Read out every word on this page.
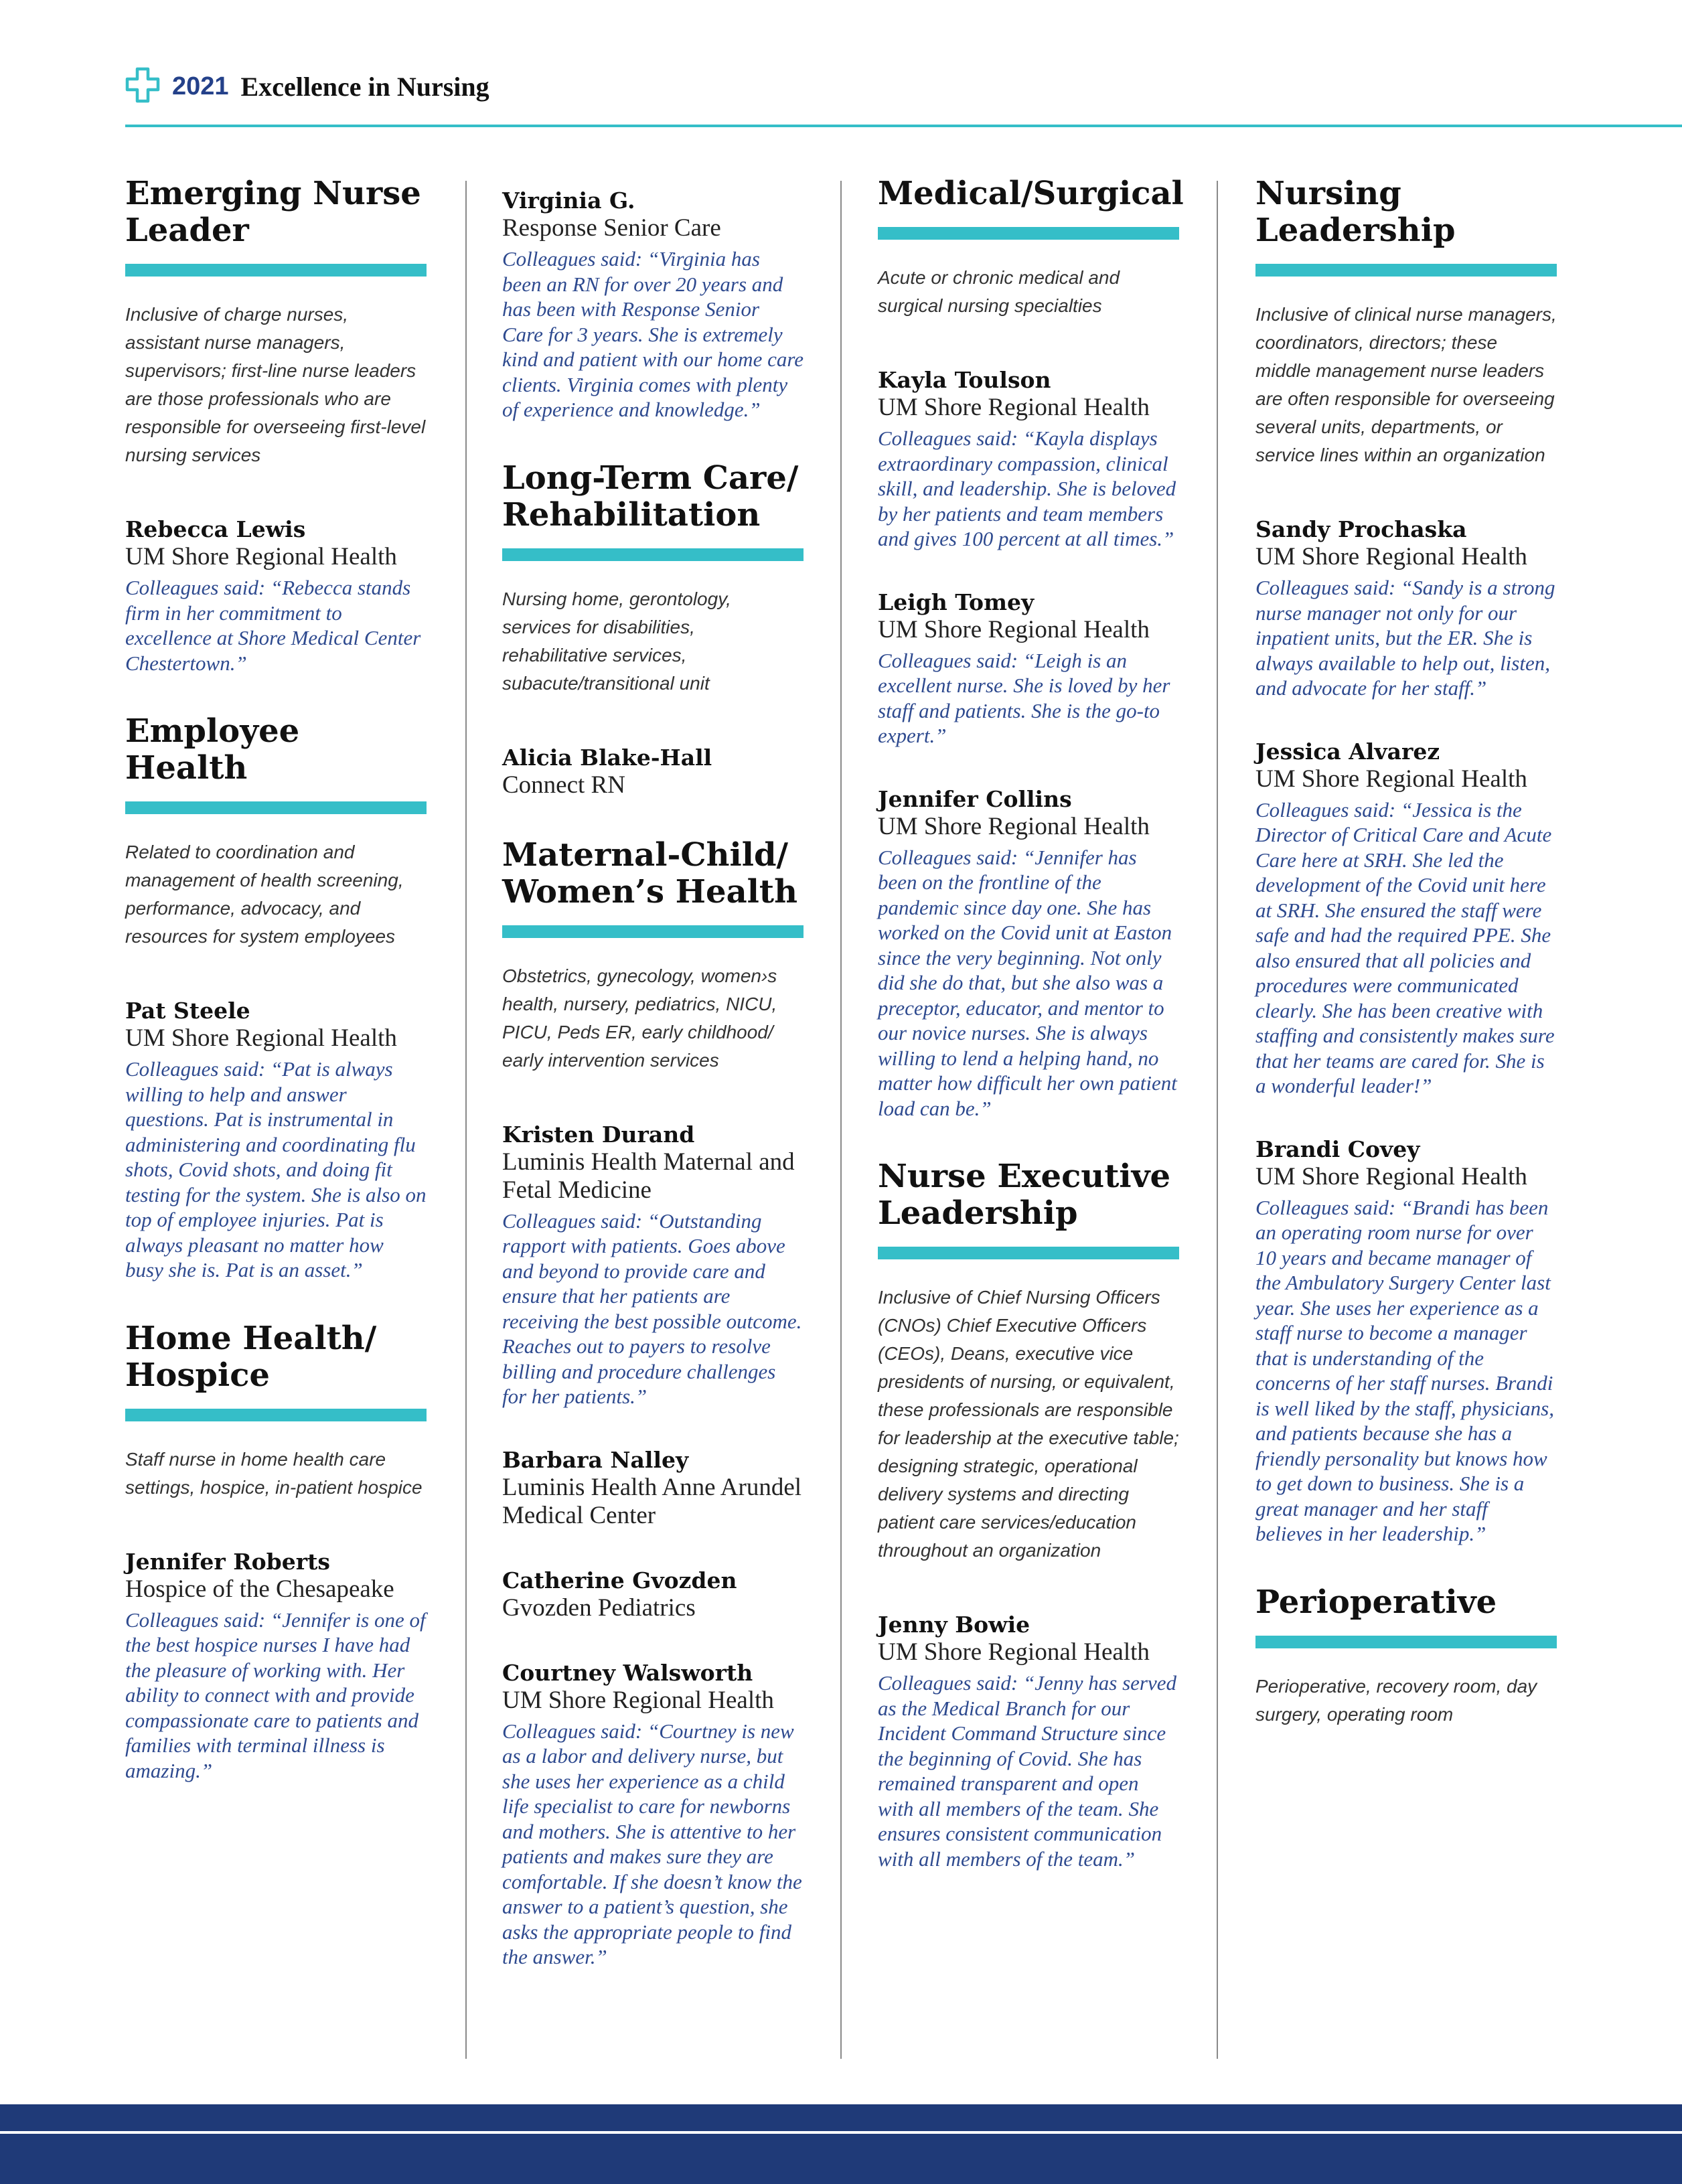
2021 Excellence in Nursing
Emerging Nurse Leader
Inclusive of charge nurses, assistant nurse managers, supervisors; first-line nurse leaders are those professionals who are responsible for overseeing first-level nursing services
Rebecca Lewis
UM Shore Regional Health
Colleagues said: “Rebecca stands firm in her commitment to excellence at Shore Medical Center Chestertown.”
Employee Health
Related to coordination and management of health screening, performance, advocacy, and resources for system employees
Pat Steele
UM Shore Regional Health
Colleagues said: “Pat is always willing to help and answer questions. Pat is instrumental in administering and coordinating flu shots, Covid shots, and doing fit testing for the system. She is also on top of employee injuries. Pat is always pleasant no matter how busy she is. Pat is an asset.”
Home Health/ Hospice
Staff nurse in home health care settings, hospice, in-patient hospice
Jennifer Roberts
Hospice of the Chesapeake
Colleagues said: “Jennifer is one of the best hospice nurses I have had the pleasure of working with. Her ability to connect with and provide compassionate care to patients and families with terminal illness is amazing.”
Virginia G.
Response Senior Care
Colleagues said: “Virginia has been an RN for over 20 years and has been with Response Senior Care for 3 years. She is extremely kind and patient with our home care clients. Virginia comes with plenty of experience and knowledge.”
Long-Term Care/ Rehabilitation
Nursing home, gerontology, services for disabilities, rehabilitative services, subacute/transitional unit
Alicia Blake-Hall
Connect RN
Maternal-Child/ Women’s Health
Obstetrics, gynecology, women›s health, nursery, pediatrics, NICU, PICU, Peds ER, early childhood/ early intervention services
Kristen Durand
Luminis Health Maternal and Fetal Medicine
Colleagues said: “Outstanding rapport with patients. Goes above and beyond to provide care and ensure that her patients are receiving the best possible outcome. Reaches out to payers to resolve billing and procedure challenges for her patients.”
Barbara Nalley
Luminis Health Anne Arundel Medical Center
Catherine Gvozden
Gvozden Pediatrics
Courtney Walsworth
UM Shore Regional Health
Colleagues said: “Courtney is new as a labor and delivery nurse, but she uses her experience as a child life specialist to care for newborns and mothers. She is attentive to her patients and makes sure they are comfortable. If she doesn’t know the answer to a patient’s question, she asks the appropriate people to find the answer.”
Medical/Surgical
Acute or chronic medical and surgical nursing specialties
Kayla Toulson
UM Shore Regional Health
Colleagues said: “Kayla displays extraordinary compassion, clinical skill, and leadership. She is beloved by her patients and team members and gives 100 percent at all times.”
Leigh Tomey
UM Shore Regional Health
Colleagues said: “Leigh is an excellent nurse. She is loved by her staff and patients. She is the go-to expert.”
Jennifer Collins
UM Shore Regional Health
Colleagues said: “Jennifer has been on the frontline of the pandemic since day one. She has worked on the Covid unit at Easton since the very beginning. Not only did she do that, but she also was a preceptor, educator, and mentor to our novice nurses. She is always willing to lend a helping hand, no matter how difficult her own patient load can be.”
Nurse Executive Leadership
Inclusive of Chief Nursing Officers (CNOs) Chief Executive Officers (CEOs), Deans, executive vice presidents of nursing, or equivalent, these professionals are responsible for leadership at the executive table; designing strategic, operational delivery systems and directing patient care services/education throughout an organization
Jenny Bowie
UM Shore Regional Health
Colleagues said: “Jenny has served as the Medical Branch for our Incident Command Structure since the beginning of Covid. She has remained transparent and open with all members of the team. She ensures consistent communication with all members of the team.”
Nursing Leadership
Inclusive of clinical nurse managers, coordinators, directors; these middle management nurse leaders are often responsible for overseeing several units, departments, or service lines within an organization
Sandy Prochaska
UM Shore Regional Health
Colleagues said: “Sandy is a strong nurse manager not only for our inpatient units, but the ER. She is always available to help out, listen, and advocate for her staff.”
Jessica Alvarez
UM Shore Regional Health
Colleagues said: “Jessica is the Director of Critical Care and Acute Care here at SRH. She led the development of the Covid unit here at SRH. She ensured the staff were safe and had the required PPE. She also ensured that all policies and procedures were communicated clearly. She has been creative with staffing and consistently makes sure that her teams are cared for. She is a wonderful leader!”
Brandi Covey
UM Shore Regional Health
Colleagues said: “Brandi has been an operating room nurse for over 10 years and became manager of the Ambulatory Surgery Center last year. She uses her experience as a staff nurse to become a manager that is understanding of the concerns of her staff nurses. Brandi is well liked by the staff, physicians, and patients because she has a friendly personality but knows how to get down to business. She is a great manager and her staff believes in her leadership.”
Perioperative
Perioperative, recovery room, day surgery, operating room
